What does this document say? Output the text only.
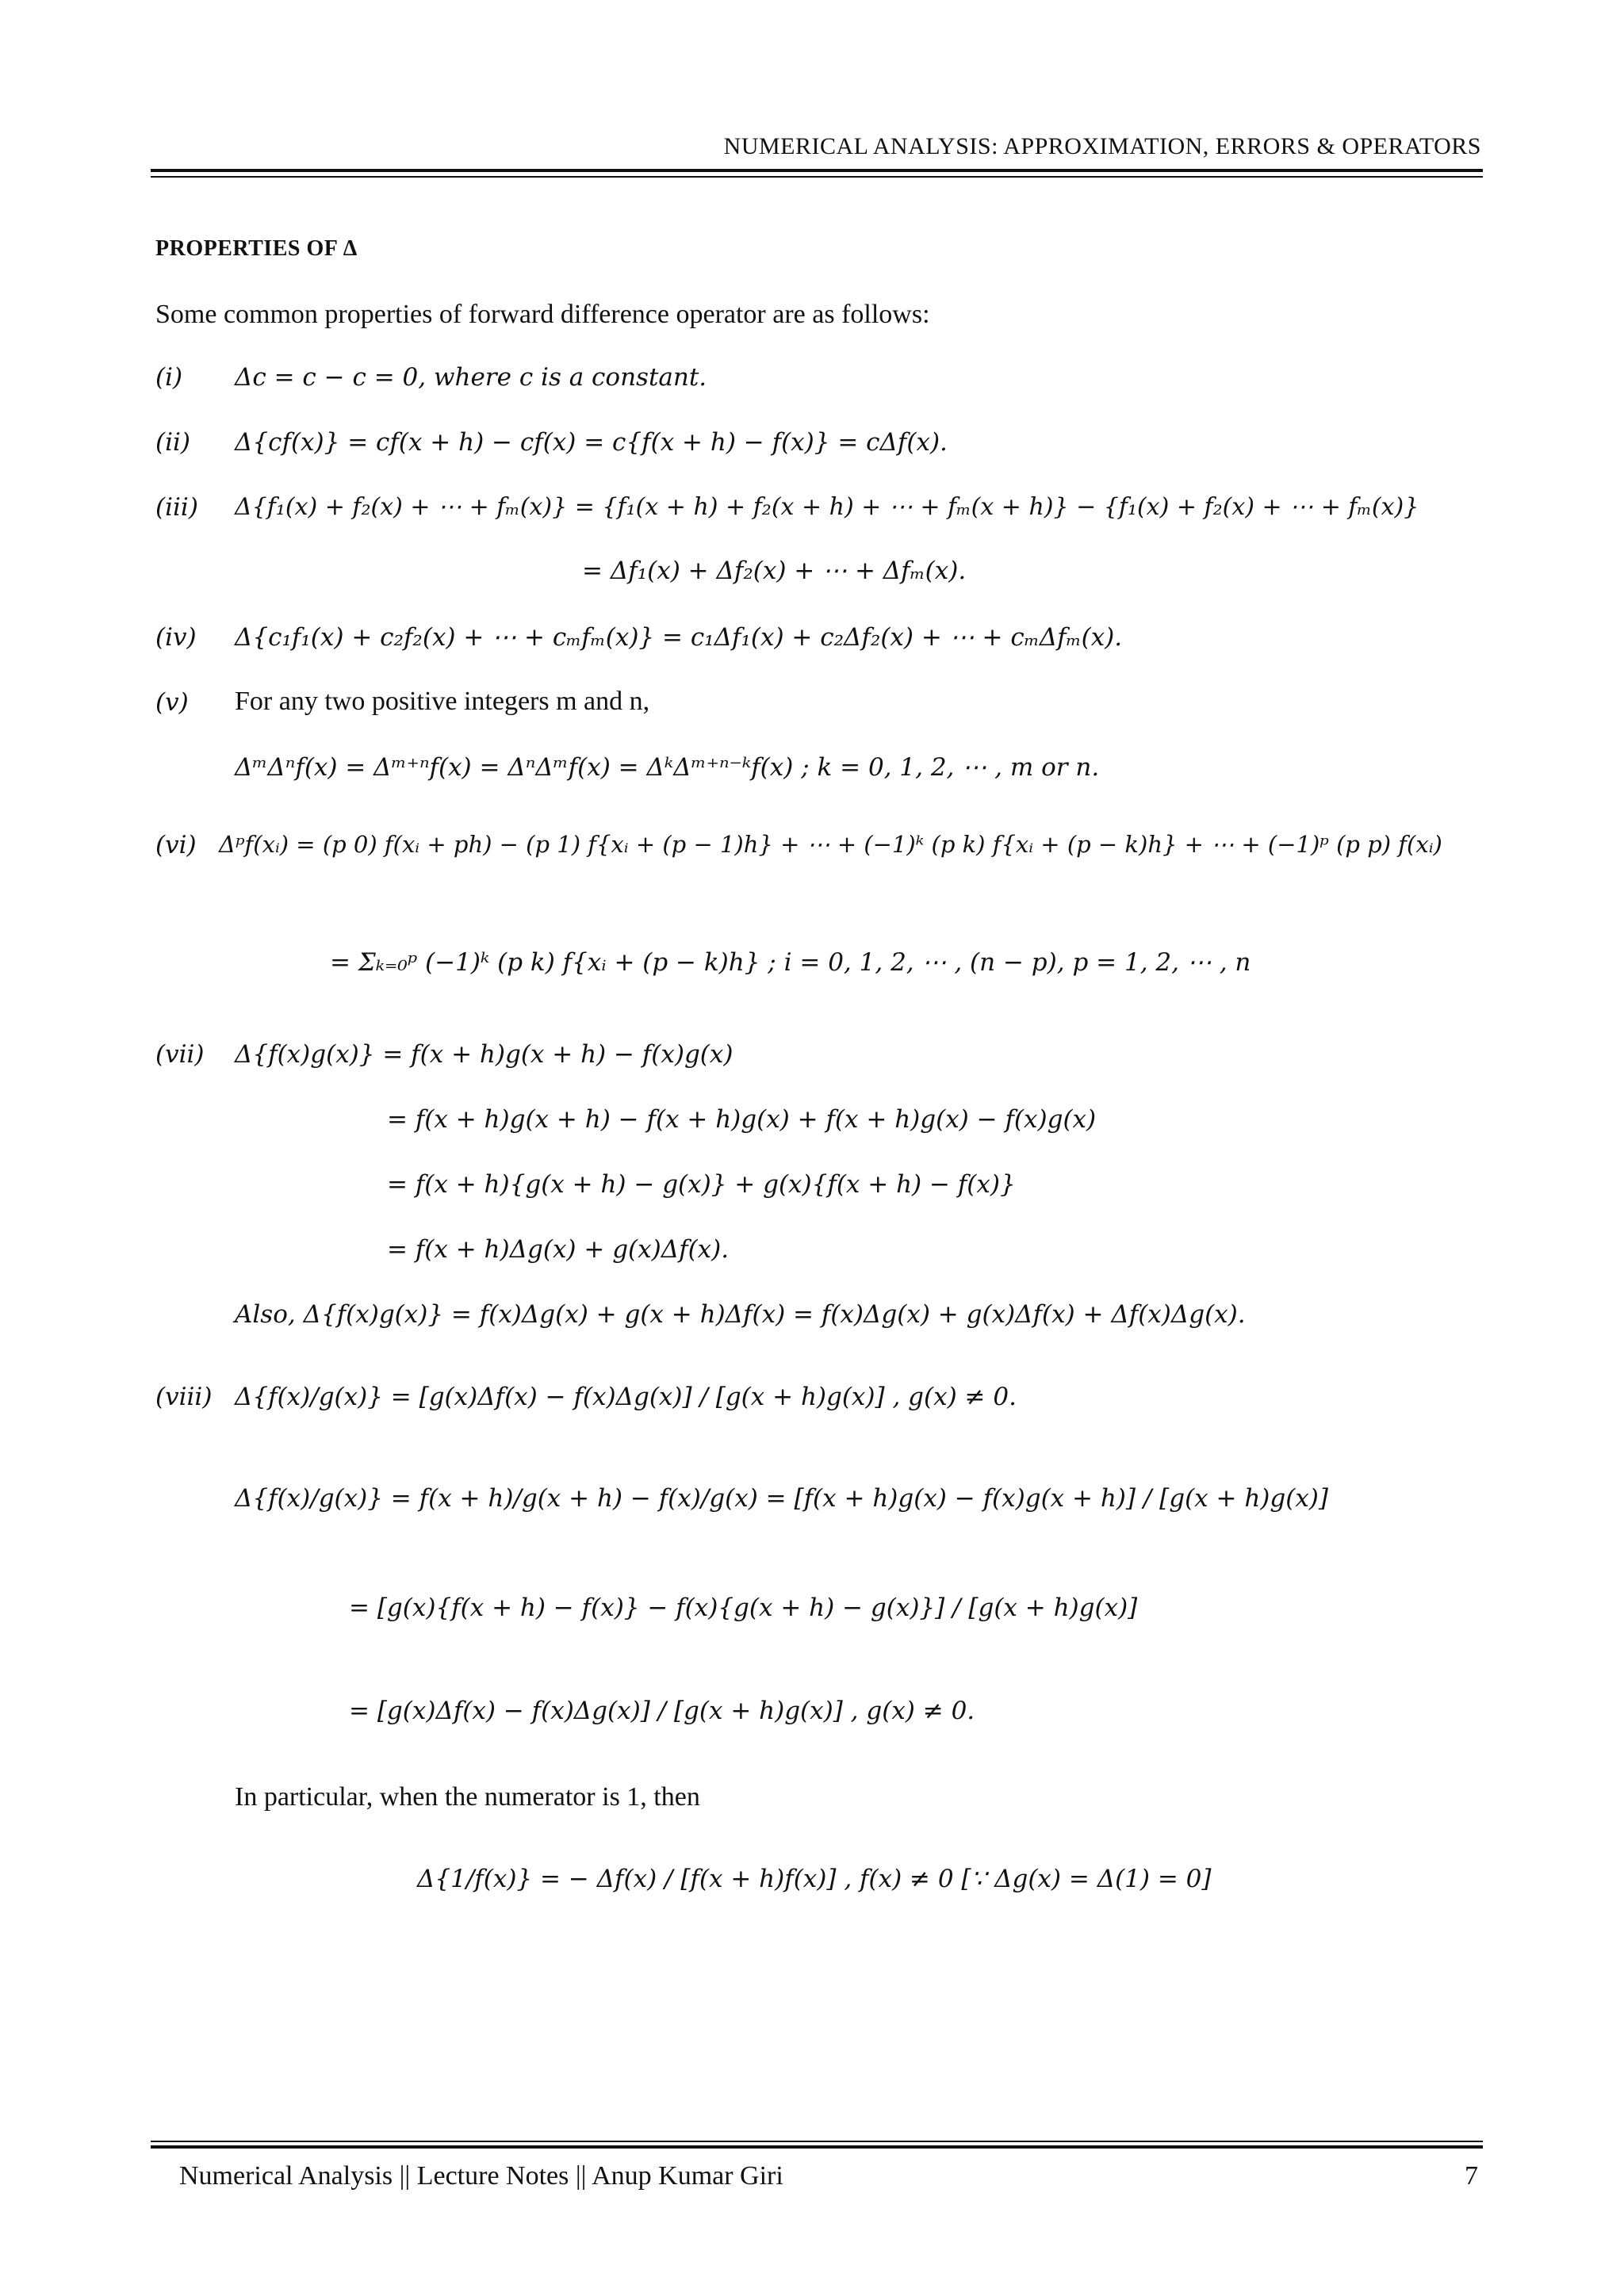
NUMERICAL ANALYSIS: APPROXIMATION, ERRORS & OPERATORS
PROPERTIES OF Δ
Some common properties of forward difference operator are as follows:
(i) Δc = c − c = 0, where c is a constant.
(ii) Δ{cf(x)} = cf(x + h) − cf(x) = c{f(x + h) − f(x)} = cΔf(x).
(iii) Δ{f₁(x) + f₂(x) + ⋯ + fₘ(x)} = {f₁(x + h) + f₂(x + h) + ⋯ + fₘ(x + h)} − {f₁(x) + f₂(x) + ⋯ + fₘ(x)}
= Δf₁(x) + Δf₂(x) + ⋯ + Δfₘ(x).
(iv) Δ{c₁f₁(x) + c₂f₂(x) + ⋯ + cₘfₘ(x)} = c₁Δf₁(x) + c₂Δf₂(x) + ⋯ + cₘΔfₘ(x).
(v) For any two positive integers m and n,
ΔᵐΔⁿf(x) = Δᵐ⁺ⁿf(x) = ΔⁿΔᵐf(x) = ΔᵏΔᵐ⁺ⁿ⁻ᵏf(x) ; k = 0, 1, 2, ⋯ , m or n.
(vi) Δᵖf(xᵢ) = (p 0) f(xᵢ + ph) − (p 1) f{xᵢ + (p − 1)h} + ⋯ + (−1)ᵏ (p k) f{xᵢ + (p − k)h} + ⋯ + (−1)ᵖ (p p) f(xᵢ)
= Σₖ₌₀ᵖ (−1)ᵏ (p k) f{xᵢ + (p − k)h} ; i = 0, 1, 2, ⋯ , (n − p), p = 1, 2, ⋯ , n
(vii) Δ{f(x)g(x)} = f(x + h)g(x + h) − f(x)g(x)
= f(x + h)g(x + h) − f(x + h)g(x) + f(x + h)g(x) − f(x)g(x)
= f(x + h){g(x + h) − g(x)} + g(x){f(x + h) − f(x)}
= f(x + h)Δg(x) + g(x)Δf(x).
Also, Δ{f(x)g(x)} = f(x)Δg(x) + g(x + h)Δf(x) = f(x)Δg(x) + g(x)Δf(x) + Δf(x)Δg(x).
(viii) Δ{f(x)/g(x)} = [g(x)Δf(x) − f(x)Δg(x)] / [g(x + h)g(x)] , g(x) ≠ 0.
Δ{f(x)/g(x)} = f(x + h)/g(x + h) − f(x)/g(x) = [f(x + h)g(x) − f(x)g(x + h)] / [g(x + h)g(x)]
= [g(x){f(x + h) − f(x)} − f(x){g(x + h) − g(x)}] / [g(x + h)g(x)]
= [g(x)Δf(x) − f(x)Δg(x)] / [g(x + h)g(x)] , g(x) ≠ 0.
In particular, when the numerator is 1, then
Δ{1/f(x)} = − Δf(x) / [f(x + h)f(x)] , f(x) ≠ 0 [∵ Δg(x) = Δ(1) = 0]
Numerical Analysis || Lecture Notes || Anup Kumar Giri	7
